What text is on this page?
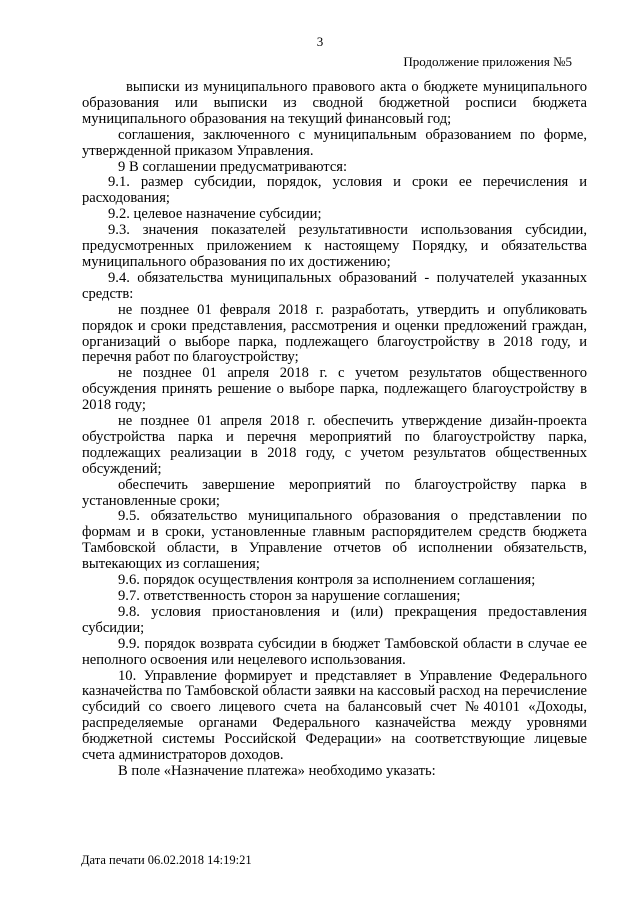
3
Продолжение приложения №5

выписки из муниципального правового акта о бюджете муниципального образования или выписки из сводной бюджетной росписи бюджета муниципального образования на текущий финансовый год;

соглашения, заключенного с муниципальным образованием по форме, утвержденной приказом Управления.

9 В соглашении предусматриваются:

9.1. размер субсидии, порядок, условия и сроки ее перечисления и расходования;

9.2. целевое назначение субсидии;

9.3. значения показателей результативности использования субсидии, предусмотренных приложением к настоящему Порядку, и обязательства муниципального образования по их достижению;

9.4. обязательства муниципальных образований - получателей указанных средств:

не позднее 01 февраля 2018 г. разработать, утвердить и опубликовать порядок и сроки представления, рассмотрения и оценки предложений граждан, организаций о выборе парка, подлежащего благоустройству в 2018 году, и перечня работ по благоустройству;

не позднее 01 апреля 2018 г. с учетом результатов общественного обсуждения принять решение о выборе парка, подлежащего благоустройству в 2018 году;

не позднее 01 апреля 2018 г. обеспечить утверждение дизайн-проекта обустройства парка и перечня мероприятий по благоустройству парка, подлежащих реализации в 2018 году, с учетом результатов общественных обсуждений;

обеспечить завершение мероприятий по благоустройству парка в установленные сроки;

9.5. обязательство муниципального образования о представлении по формам и в сроки, установленные главным распорядителем средств бюджета Тамбовской области, в Управление отчетов об исполнении обязательств, вытекающих из соглашения;

9.6. порядок осуществления контроля за исполнением соглашения;

9.7. ответственность сторон за нарушение соглашения;

9.8. условия приостановления и (или) прекращения предоставления субсидии;

9.9. порядок возврата субсидии в бюджет Тамбовской области в случае ее неполного освоения или нецелевого использования.

10. Управление формирует и представляет в Управление Федерального казначейства по Тамбовской области заявки на кассовый расход на перечисление субсидий со своего лицевого счета на балансовый счет №40101 «Доходы, распределяемые органами Федерального казначейства между уровнями бюджетной системы Российской Федерации» на соответствующие лицевые счета администраторов доходов.

В поле «Назначение платежа» необходимо указать:

Дата печати 06.02.2018 14:19:21
